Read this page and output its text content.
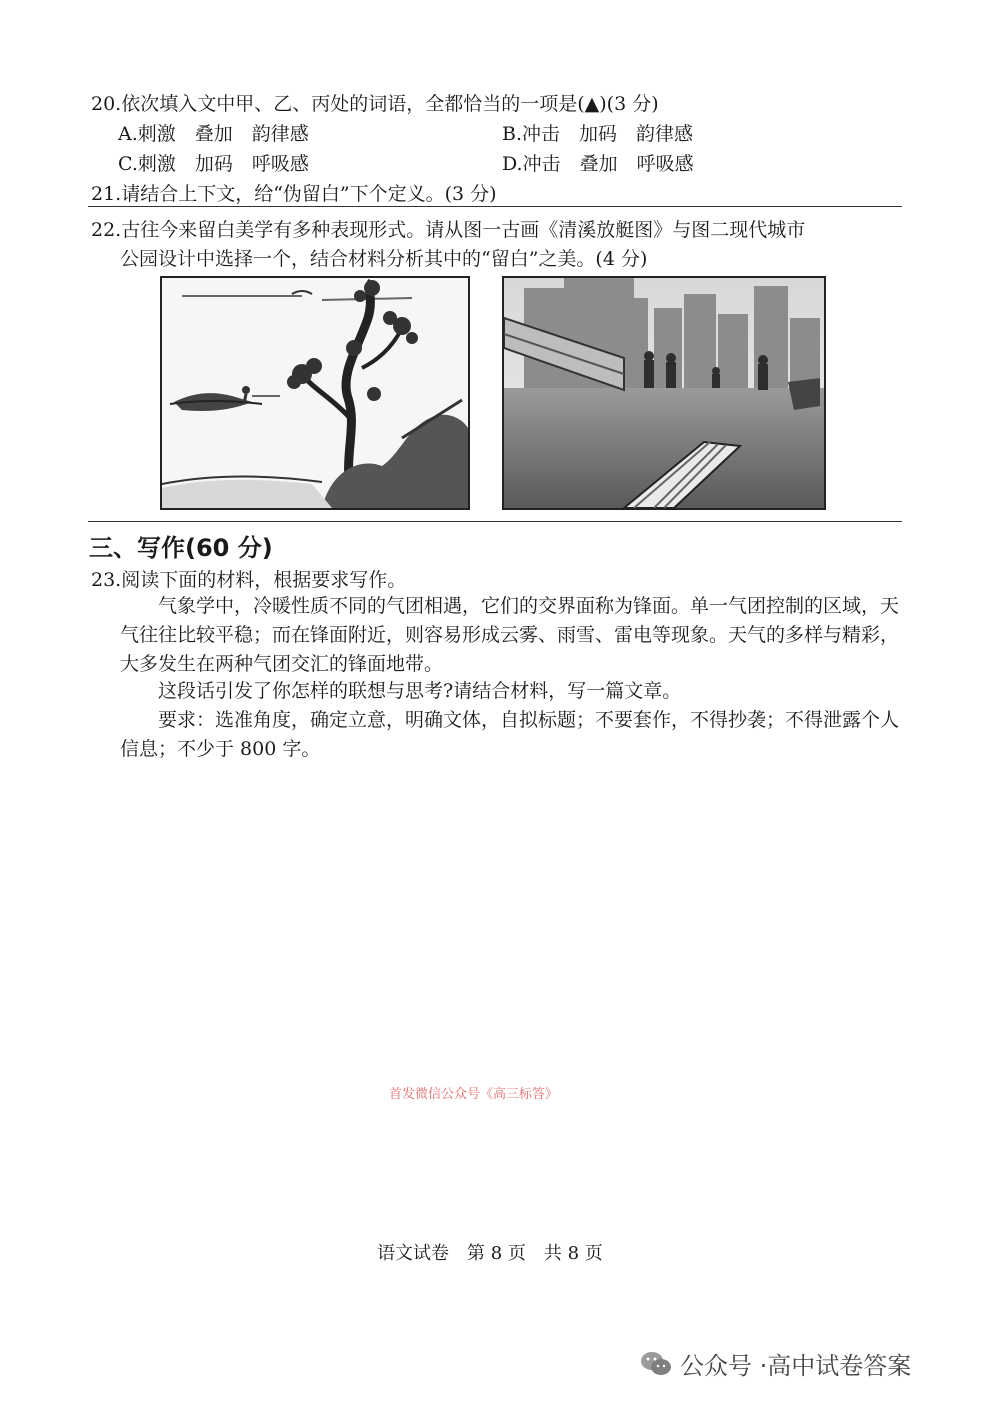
20.依次填入文中甲、乙、丙处的词语，全都恰当的一项是(▲)(3 分)
A.刺激　叠加　韵律感	B.冲击　加码　韵律感
C.刺激　加码　呼吸感	D.冲击　叠加　呼吸感
21.请结合上下文，给“伪留白”下个定义。(3 分)
22.古往今来留白美学有多种表现形式。请从图一古画《清溪放艇图》与图二现代城市
公园设计中选择一个，结合材料分析其中的“留白”之美。(4 分)
三、写作(60 分)
23.阅读下面的材料，根据要求写作。
气象学中，冷暖性质不同的气团相遇，它们的交界面称为锋面。单一气团控制的区域，天气往往比较平稳；而在锋面附近，则容易形成云雾、雨雪、雷电等现象。天气的多样与精彩，大多发生在两种气团交汇的锋面地带。
这段话引发了你怎样的联想与思考?请结合材料，写一篇文章。
要求：选准角度，确定立意，明确文体，自拟标题；不要套作，不得抄袭；不得泄露个人信息；不少于 800 字。
首发微信公众号《高三标答》
语文试卷　第 8 页　共 8 页
公众号 · 高中试卷答案
